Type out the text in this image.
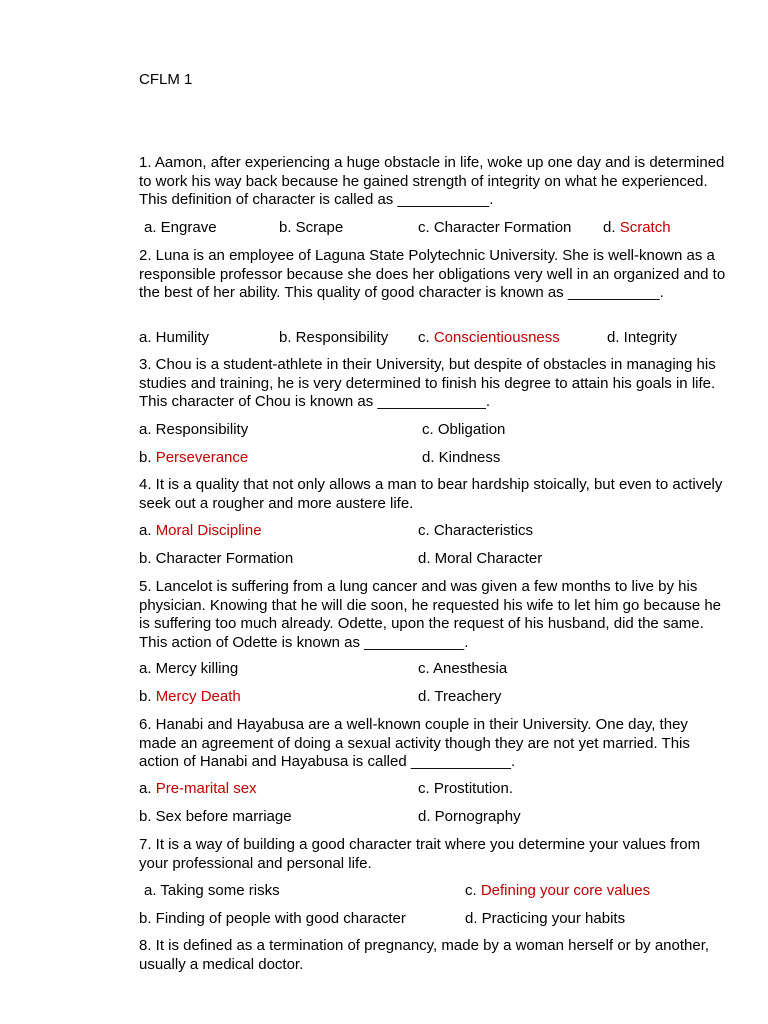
CFLM 1
1. Aamon, after experiencing a huge obstacle in life, woke up one day and is determined to work his way back because he gained strength of integrity on what he experienced. This definition of character is called as ___________.
a. Engrave	b. Scrape	c. Character Formation d. Scratch
2. Luna is an employee of Laguna State Polytechnic University. She is well-known as a responsible professor because she does her obligations very well in an organized and to the best of her ability. This quality of good character is known as ___________.
a. Humility	b. Responsibility c. Conscientiousness	d. Integrity
3. Chou is a student-athlete in their University, but despite of obstacles in managing his studies and training, he is very determined to finish his degree to attain his goals in life. This character of Chou is known as _____________.
a. Responsibility	c. Obligation
b. Perseverance	d. Kindness
4. It is a quality that not only allows a man to bear hardship stoically, but even to actively seek out a rougher and more austere life.
a. Moral Discipline	c. Characteristics
b. Character Formation	d. Moral Character
5. Lancelot is suffering from a lung cancer and was given a few months to live by his physician. Knowing that he will die soon, he requested his wife to let him go because he is suffering too much already. Odette, upon the request of his husband, did the same. This action of Odette is known as ____________.
a. Mercy killing	c. Anesthesia
b. Mercy Death	d. Treachery
6. Hanabi and Hayabusa are a well-known couple in their University. One day, they made an agreement of doing a sexual activity though they are not yet married. This action of Hanabi and Hayabusa is called ____________.
a. Pre-marital sex	c. Prostitution.
b. Sex before marriage	d. Pornography
7. It is a way of building a good character trait where you determine your values from your professional and personal life.
a. Taking some risks	c. Defining your core values
b. Finding of people with good character	d. Practicing your habits
8. It is defined as a termination of pregnancy, made by a woman herself or by another, usually a medical doctor.
